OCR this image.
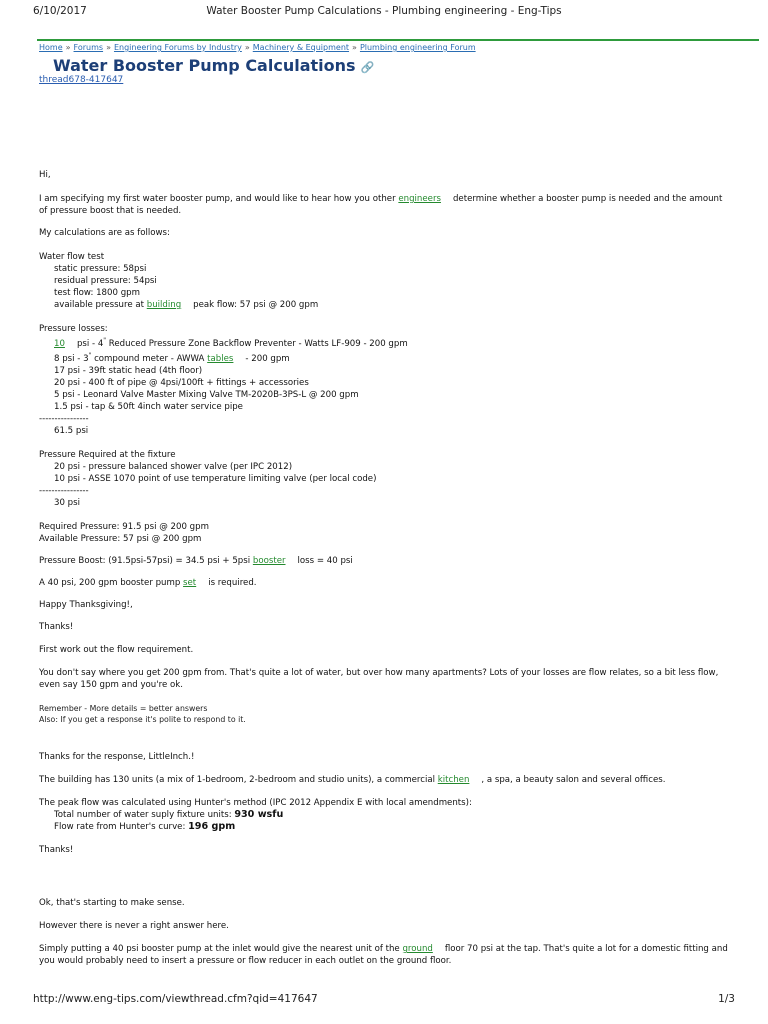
6/10/2017	Water Booster Pump Calculations - Plumbing engineering - Eng-Tips
Home » Forums » Engineering Forums by Industry » Machinery & Equipment » Plumbing engineering Forum
Water Booster Pump Calculations 🔗
thread678-417647

Hi,

I am specifying my first water booster pump, and would like to hear how you other engineers determine whether a booster pump is needed and the amount of pressure boost that is needed.

My calculations are as follows:

Water flow test

static pressure: 58psi
residual pressure: 54psi
test flow: 1800 gpm
available pressure at building peak flow: 57 psi @ 200 gpm

Pressure losses:

10 psi - 4" Reduced Pressure Zone Backflow Preventer - Watts LF-909 - 200 gpm
8 psi - 3" compound meter - AWWA tables - 200 gpm
17 psi - 39ft static head (4th floor)
20 psi - 400 ft of pipe @ 4psi/100ft + fittings + accessories
5 psi - Leonard Valve Master Mixing Valve TM-2020B-3PS-L @ 200 gpm
1.5 psi - tap & 50ft 4inch water service pipe
----------------
61.5 psi

Pressure Required at the fixture

20 psi - pressure balanced shower valve (per IPC 2012)
10 psi - ASSE 1070 point of use temperature limiting valve (per local code)
----------------
30 psi

Required Pressure: 91.5 psi @ 200 gpm

Available Pressure: 57 psi @ 200 gpm

Pressure Boost: (91.5psi-57psi) = 34.5 psi + 5psi booster loss = 40 psi

A 40 psi, 200 gpm booster pump set is required.

Happy Thanksgiving!,

Thanks!

First work out the flow requirement.

You don't say where you get 200 gpm from. That's quite a lot of water, but over how many apartments? Lots of your losses are flow relates, so a bit less flow, even say 150 gpm and you're ok.

Remember - More details = better answers

Also: If you get a response it's polite to respond to it.

Thanks for the response, LittleInch.!

The building has 130 units (a mix of 1-bedroom, 2-bedroom and studio units), a commercial kitchen , a spa, a beauty salon and several offices.

The peak flow was calculated using Hunter's method (IPC 2012 Appendix E with local amendments):

Total number of water suply fixture units: 930 wsfu
Flow rate from Hunter's curve: 196 gpm

Thanks!

Ok, that's starting to make sense.

However there is never a right answer here.

Simply putting a 40 psi booster pump at the inlet would give the nearest unit of the ground floor 70 psi at the tap. That's quite a lot for a domestic fitting and you would probably need to insert a pressure or flow reducer in each outlet on the ground floor.

http://www.eng-tips.com/viewthread.cfm?qid=417647	1/3
